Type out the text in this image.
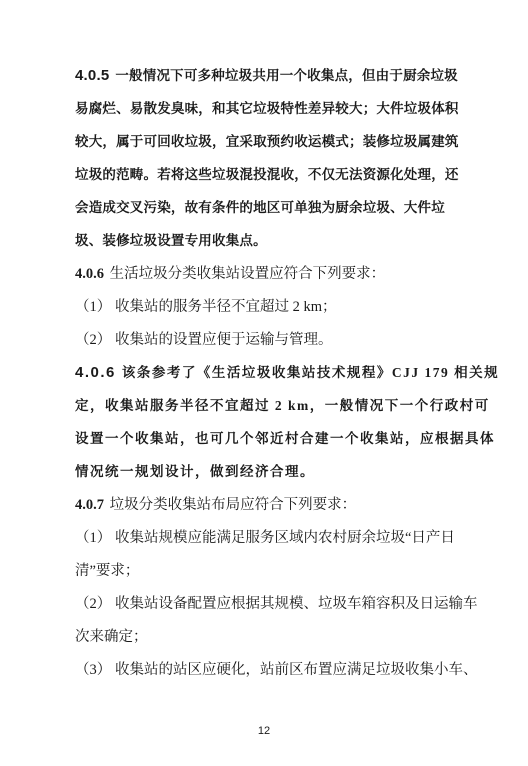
4.0.5 一般情况下可多种垃圾共用一个收集点，但由于厨余垃圾
易腐烂、易散发臭味，和其它垃圾特性差异较大；大件垃圾体积
较大，属于可回收垃圾，宜采取预约收运模式；装修垃圾属建筑
垃圾的范畴。若将这些垃圾混投混收，不仅无法资源化处理，还
会造成交叉污染，故有条件的地区可单独为厨余垃圾、大件垃
圾、装修垃圾设置专用收集点。
4.0.6 生活垃圾分类收集站设置应符合下列要求：
（1） 收集站的服务半径不宜超过 2 km；
（2） 收集站的设置应便于运输与管理。
4.0.6 该条参考了《生活垃圾收集站技术规程》CJJ 179 相关规
定，收集站服务半径不宜超过 2 km，一般情况下一个行政村可
设置一个收集站，也可几个邻近村合建一个收集站，应根据具体
情况统一规划设计，做到经济合理。
4.0.7 垃圾分类收集站布局应符合下列要求：
（1） 收集站规模应能满足服务区域内农村厨余垃圾“日产日
清”要求；
（2） 收集站设备配置应根据其规模、垃圾车箱容积及日运输车
次来确定；
（3） 收集站的站区应硬化，站前区布置应满足垃圾收集小车、
12
